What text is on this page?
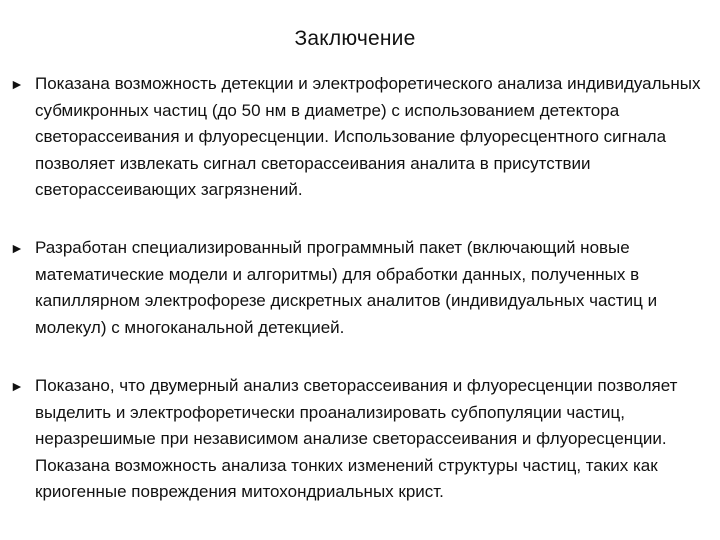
Заключение
► Показана возможность детекции и электрофоретического анализа индивидуальных субмикронных частиц (до 50 нм в диаметре) с использованием детектора светорассеивания и флуоресценции. Использование флуоресцентного сигнала позволяет извлекать сигнал светорассеивания аналита в присутствии светорассеивающих загрязнений.

► Разработан специализированный программный пакет (включающий новые математические модели и алгоритмы) для обработки данных, полученных в капиллярном электрофорезе дискретных аналитов (индивидуальных частиц и молекул) с многоканальной детекцией.

► Показано, что двумерный анализ светорассеивания и флуоресценции позволяет выделить и электрофоретически проанализировать субпопуляции частиц, неразрешимые при независимом анализе светорассеивания и флуоресценции. Показана возможность анализа тонких изменений структуры частиц, таких как криогенные повреждения митохондриальных крист.
